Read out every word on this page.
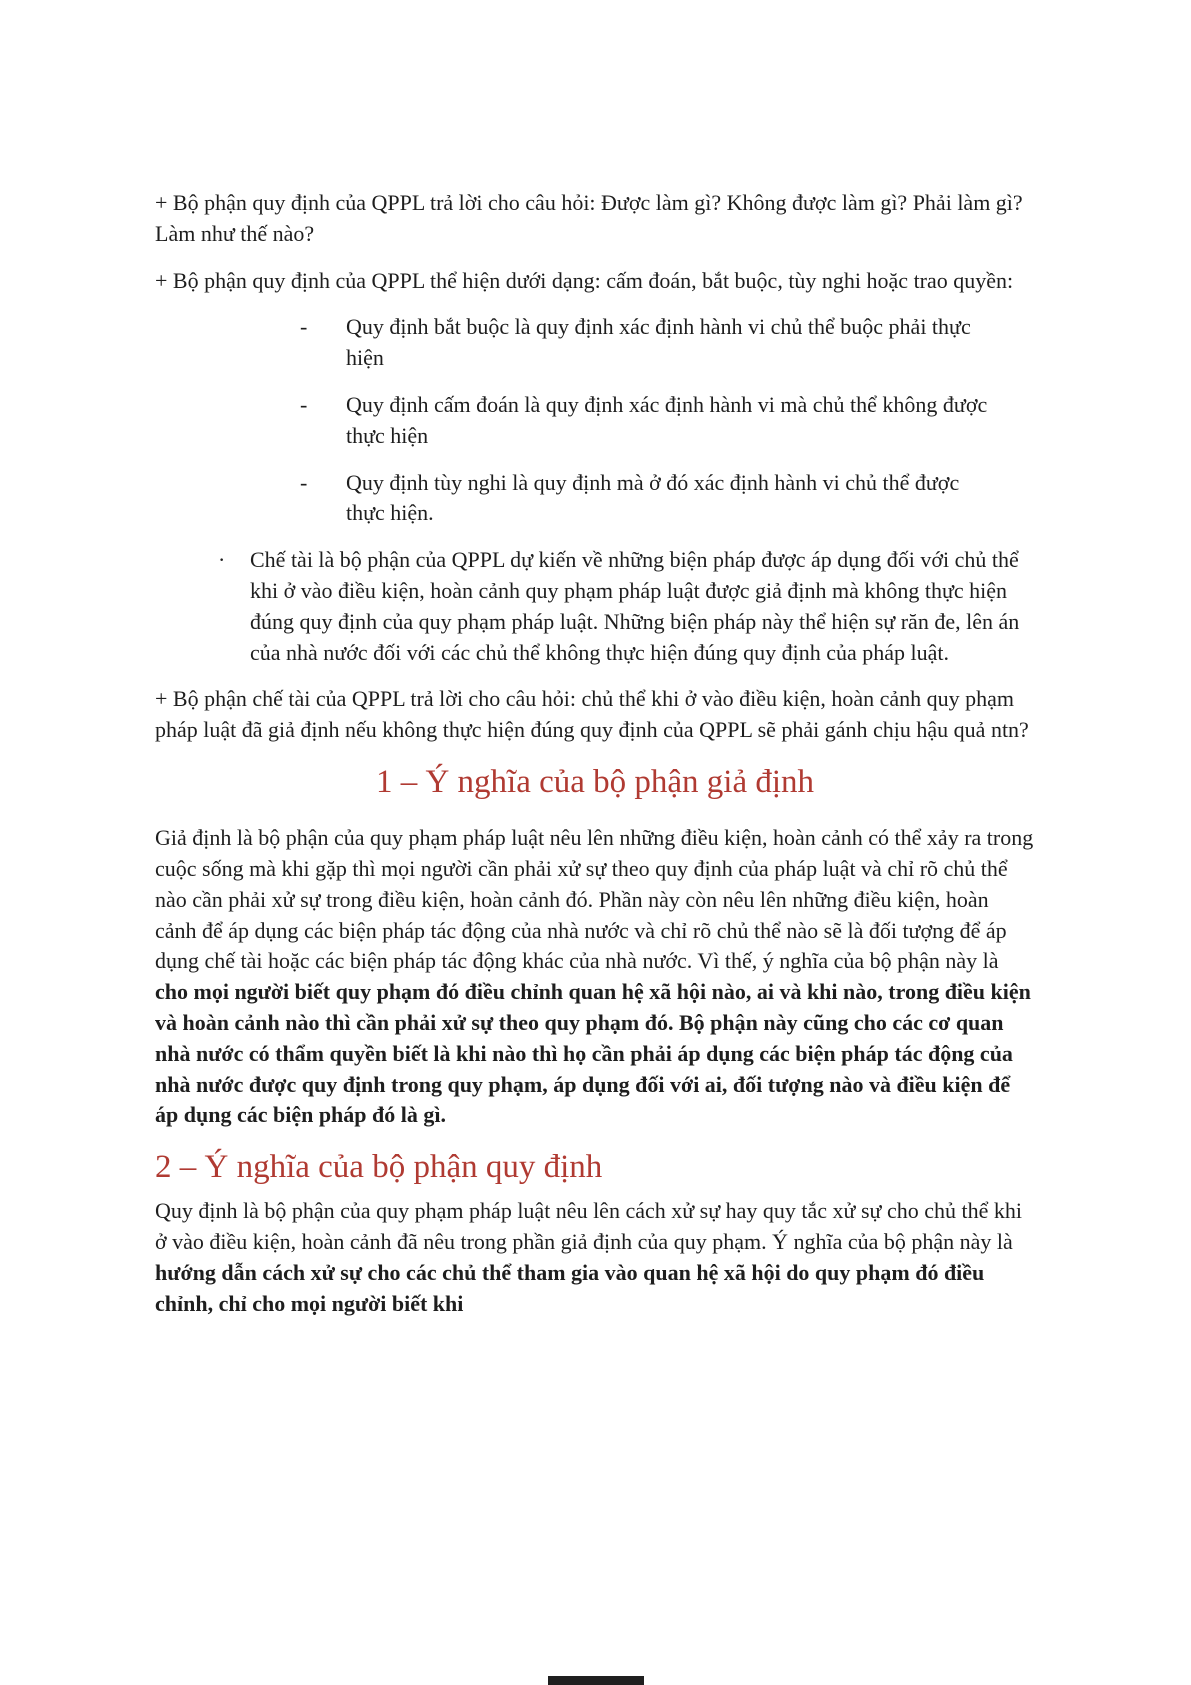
+ Bộ phận quy định của QPPL trả lời cho câu hỏi: Được làm gì? Không được làm gì? Phải làm gì? Làm như thế nào?

+ Bộ phận quy định của QPPL thể hiện dưới dạng: cấm đoán, bắt buộc, tùy nghi hoặc trao quyền:

-	Quy định bắt buộc là quy định xác định hành vi chủ thể buộc phải thực hiện
-	Quy định cấm đoán là quy định xác định hành vi mà chủ thể không được thực hiện
-	Quy định tùy nghi là quy định mà ở đó xác định hành vi chủ thể được thực hiện.
·	Chế tài là bộ phận của QPPL dự kiến về những biện pháp được áp dụng đối với chủ thể khi ở vào điều kiện, hoàn cảnh quy phạm pháp luật được giả định mà không thực hiện đúng quy định của quy phạm pháp luật. Những biện pháp này thể hiện sự răn đe, lên án của nhà nước đối với các chủ thể không thực hiện đúng quy định của pháp luật.

+ Bộ phận chế tài của QPPL trả lời cho câu hỏi: chủ thể khi ở vào điều kiện, hoàn cảnh quy phạm pháp luật đã giả định nếu không thực hiện đúng quy định của QPPL sẽ phải gánh chịu hậu quả ntn?

1 – Ý nghĩa của bộ phận giả định

Giả định là bộ phận của quy phạm pháp luật nêu lên những điều kiện, hoàn cảnh có thể xảy ra trong cuộc sống mà khi gặp thì mọi người cần phải xử sự theo quy định của pháp luật và chỉ rõ chủ thể nào cần phải xử sự trong điều kiện, hoàn cảnh đó. Phần này còn nêu lên những điều kiện, hoàn cảnh để áp dụng các biện pháp tác động của nhà nước và chỉ rõ chủ thể nào sẽ là đối tượng để áp dụng chế tài hoặc các biện pháp tác động khác của nhà nước. Vì thế, ý nghĩa của bộ phận này là cho mọi người biết quy phạm đó điều chỉnh quan hệ xã hội nào, ai và khi nào, trong điều kiện và hoàn cảnh nào thì cần phải xử sự theo quy phạm đó. Bộ phận này cũng cho các cơ quan nhà nước có thẩm quyền biết là khi nào thì họ cần phải áp dụng các biện pháp tác động của nhà nước được quy định trong quy phạm, áp dụng đối với ai, đối tượng nào và điều kiện để áp dụng các biện pháp đó là gì.

2 – Ý nghĩa của bộ phận quy định

Quy định là bộ phận của quy phạm pháp luật nêu lên cách xử sự hay quy tắc xử sự cho chủ thể khi ở vào điều kiện, hoàn cảnh đã nêu trong phần giả định của quy phạm. Ý nghĩa của bộ phận này là hướng dẫn cách xử sự cho các chủ thể tham gia vào quan hệ xã hội do quy phạm đó điều chỉnh, chỉ cho mọi người biết khi
